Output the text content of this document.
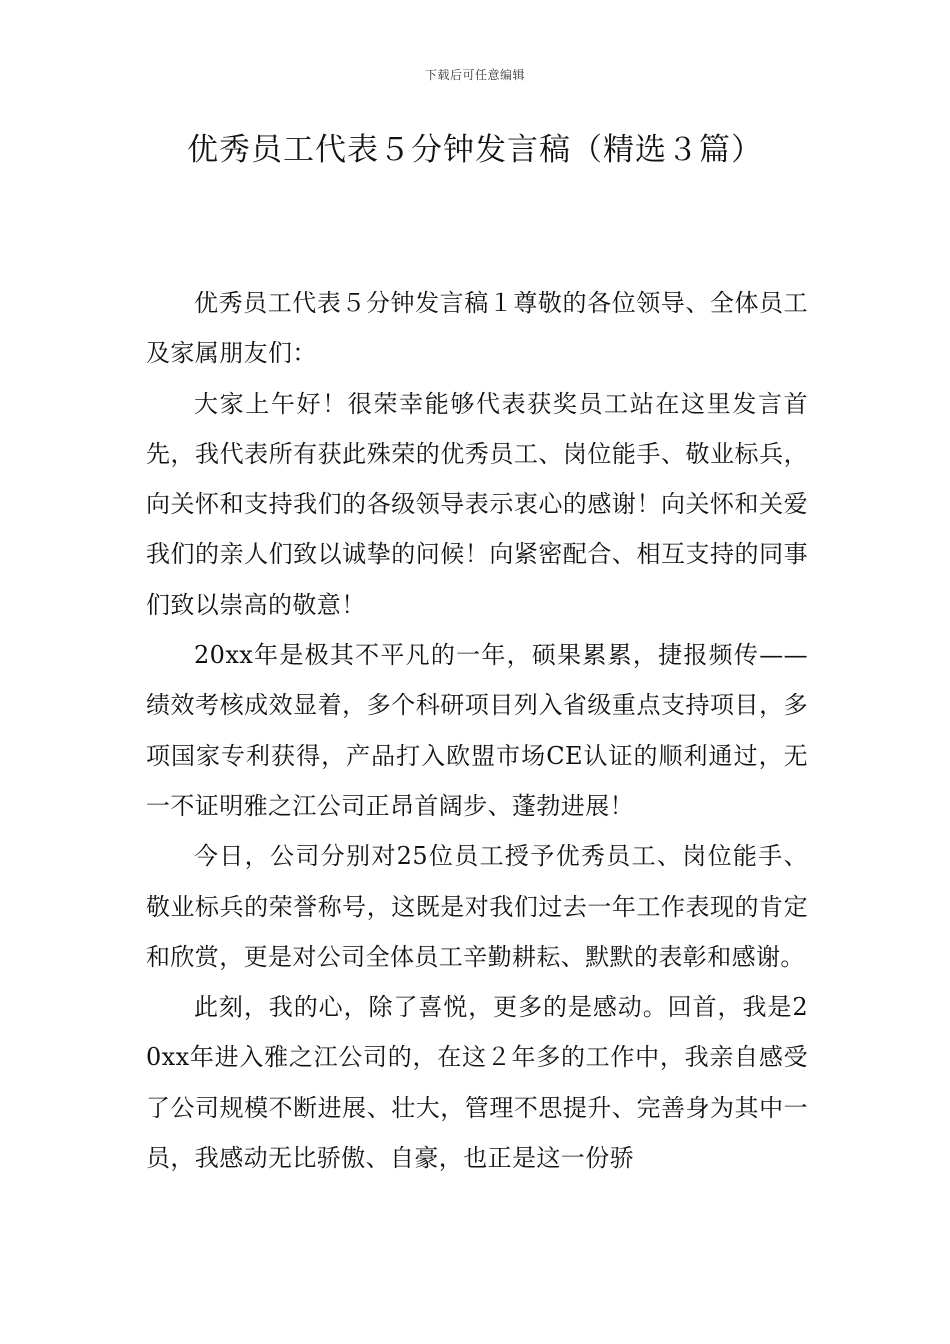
下载后可任意编辑
优秀员工代表５分钟发言稿（精选３篇）

优秀员工代表５分钟发言稿１尊敬的各位领导、全体员工及家属朋友们：

大家上午好！很荣幸能够代表获奖员工站在这里发言首先，我代表所有获此殊荣的优秀员工、岗位能手、敬业标兵，向关怀和支持我们的各级领导表示衷心的感谢！向关怀和关爱我们的亲人们致以诚挚的问候！向紧密配合、相互支持的同事们致以崇高的敬意！

20xx年是极其不平凡的一年，硕果累累，捷报频传——绩效考核成效显着，多个科研项目列入省级重点支持项目，多项国家专利获得，产品打入欧盟市场CE认证的顺利通过，无一不证明雅之江公司正昂首阔步、蓬勃进展！

今日，公司分别对25位员工授予优秀员工、岗位能手、敬业标兵的荣誉称号，这既是对我们过去一年工作表现的肯定和欣赏，更是对公司全体员工辛勤耕耘、默默的表彰和感谢。

此刻，我的心，除了喜悦，更多的是感动。回首，我是20xx年进入雅之江公司的，在这２年多的工作中，我亲自感受了公司规模不断进展、壮大，管理不思提升、完善身为其中一员，我感动无比骄傲、自豪，也正是这一份骄
